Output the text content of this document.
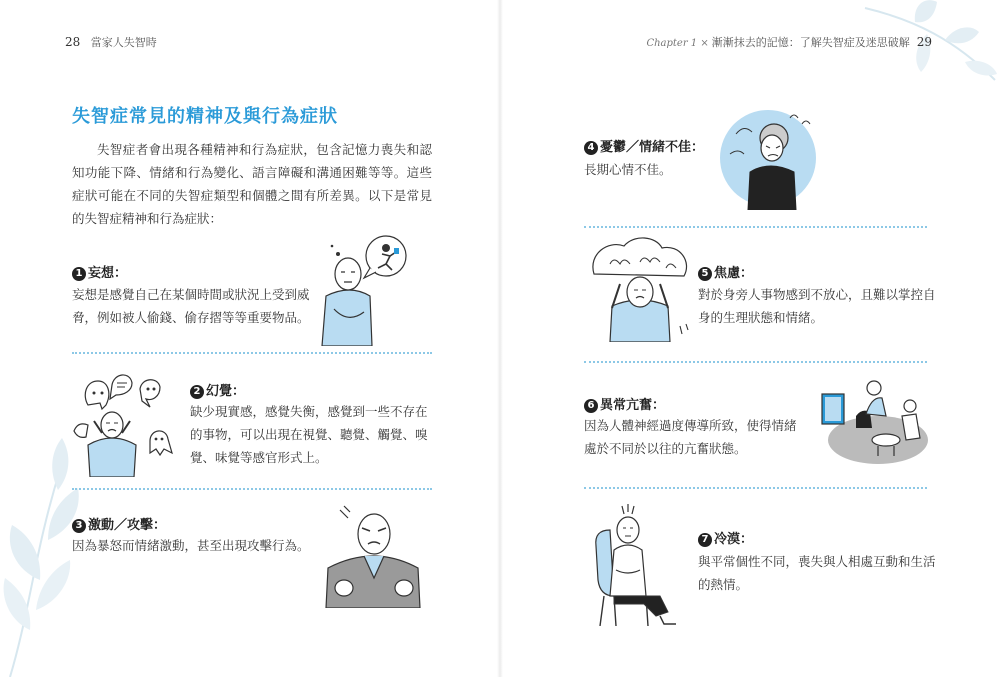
28 當家人失智時
失智症常見的精神及與行為症狀

失智症者會出現各種精神和行為症狀，包含記憶力喪失和認知功能下降、情緒和行為變化、語言障礙和溝通困難等等。這些症狀可能在不同的失智症類型和個體之間有所差異。以下是常見的失智症精神和行為症狀：

1 妄想：
妄想是感覺自己在某個時間或狀況上受到威
脅，例如被人偷錢、偷存摺等等重要物品。
2 幻覺：
缺少現實感，感覺失衡，感覺到一些不存在
的事物，可以出現在視覺、聽覺、觸覺、嗅
覺、味覺等感官形式上。
3 激動／攻擊：
因為暴怒而情緒激動，甚至出現攻擊行為。
Chapter 1 × 漸漸抹去的記憶：了解失智症及迷思破解 29
4 憂鬱／情緒不佳：
長期心情不佳。
5 焦慮：
對於身旁人事物感到不放心，且難以掌控自
身的生理狀態和情緒。
6 異常亢奮：
因為人體神經過度傳導所致，使得情緒
處於不同於以往的亢奮狀態。
7 冷漠：
與平常個性不同，喪失與人相處互動和生活
的熱情。
